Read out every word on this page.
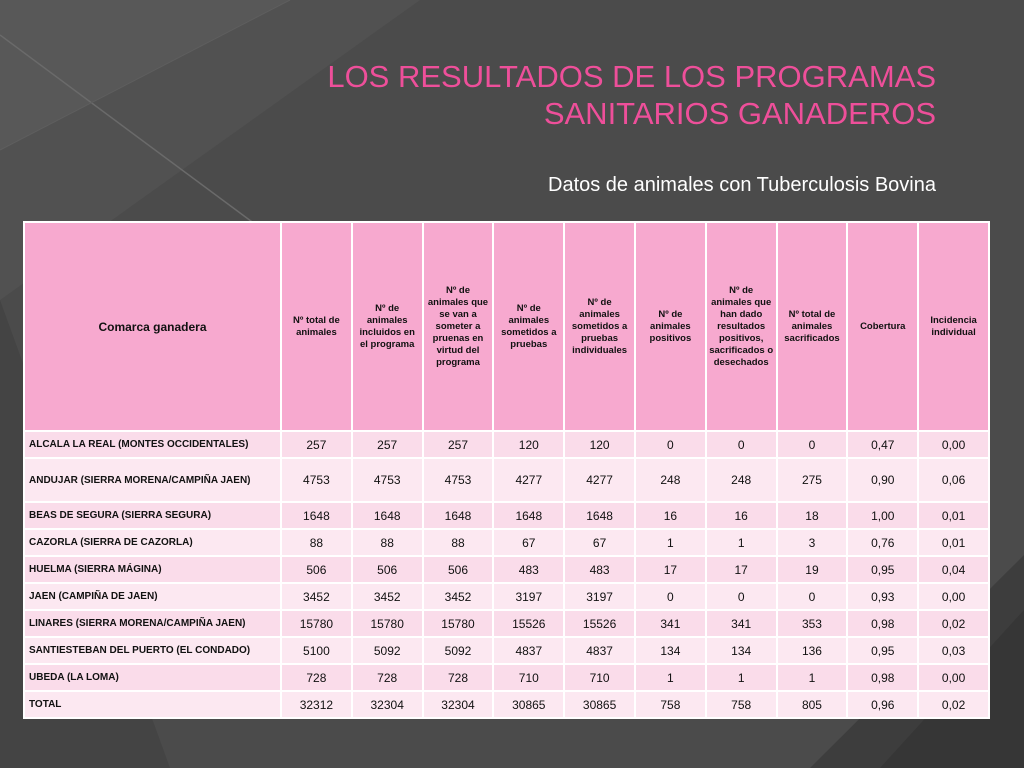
LOS RESULTADOS DE LOS PROGRAMAS
SANITARIOS GANADEROS

Datos de animales con Tuberculosis Bovina

Comarca ganadera	Nº total de animales	Nº de animales incluidos en el programa	Nº de animales que se van a someter a pruenas en virtud del programa	Nº de animales sometidos a pruebas	Nº de animales sometidos a pruebas individuales	Nº de animales positivos	Nº de animales que han dado resultados positivos, sacrificados o desechados	Nº total de animales sacrificados	Cobertura	Incidencia individual
ALCALA LA REAL (MONTES OCCIDENTALES)	257	257	257	120	120	0	0	0	0,47	0,00
ANDUJAR (SIERRA MORENA/CAMPIÑA JAEN)	4753	4753	4753	4277	4277	248	248	275	0,90	0,06
BEAS DE SEGURA (SIERRA SEGURA)	1648	1648	1648	1648	1648	16	16	18	1,00	0,01
CAZORLA (SIERRA DE CAZORLA)	88	88	88	67	67	1	1	3	0,76	0,01
HUELMA (SIERRA MÁGINA)	506	506	506	483	483	17	17	19	0,95	0,04
JAEN (CAMPIÑA DE JAEN)	3452	3452	3452	3197	3197	0	0	0	0,93	0,00
LINARES (SIERRA MORENA/CAMPIÑA JAEN)	15780	15780	15780	15526	15526	341	341	353	0,98	0,02
SANTIESTEBAN DEL PUERTO (EL CONDADO)	5100	5092	5092	4837	4837	134	134	136	0,95	0,03
UBEDA (LA LOMA)	728	728	728	710	710	1	1	1	0,98	0,00
TOTAL	32312	32304	32304	30865	30865	758	758	805	0,96	0,02
